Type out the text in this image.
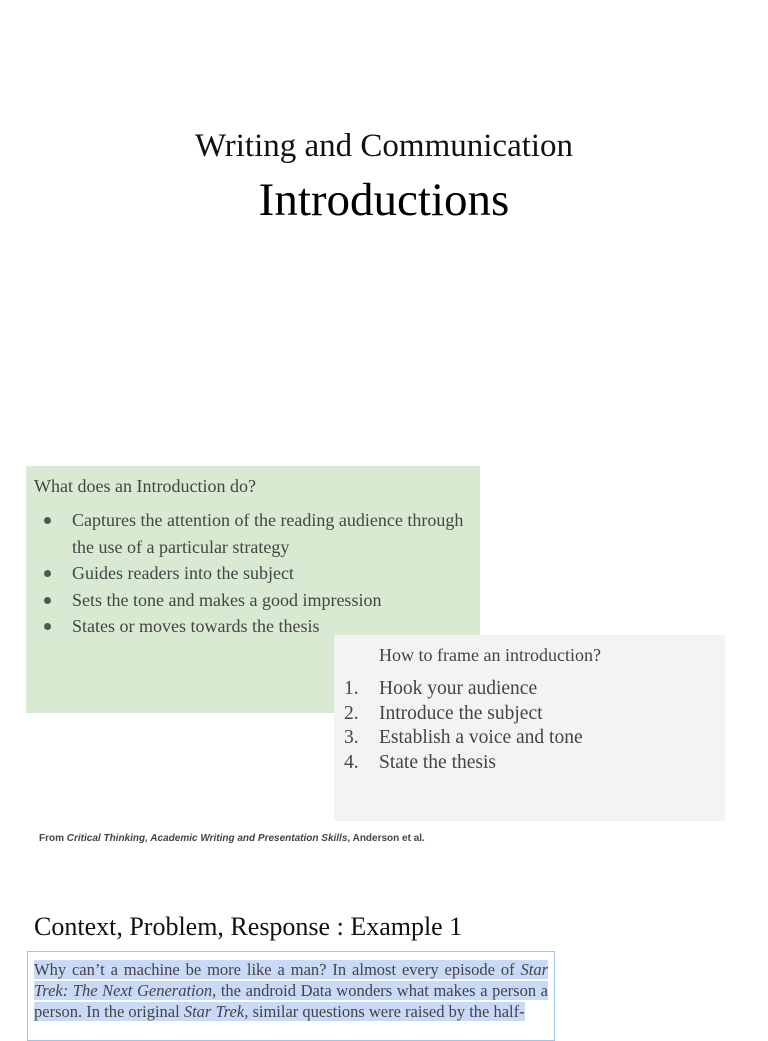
Writing and Communication
Introductions
What does an Introduction do?
Captures the attention of the reading audience through the use of a particular strategy
Guides readers into the subject
Sets the tone and makes a good impression
States or moves towards the thesis
How to frame an introduction?
1. Hook your audience
2. Introduce the subject
3. Establish a voice and tone
4. State the thesis
From Critical Thinking, Academic Writing and Presentation Skills, Anderson et al.
Context, Problem, Response : Example 1
Why can’t a machine be more like a man? In almost every episode of Star Trek: The Next Generation, the android Data wonders what makes a person a person. In the original Star Trek, similar questions were raised by the half-
